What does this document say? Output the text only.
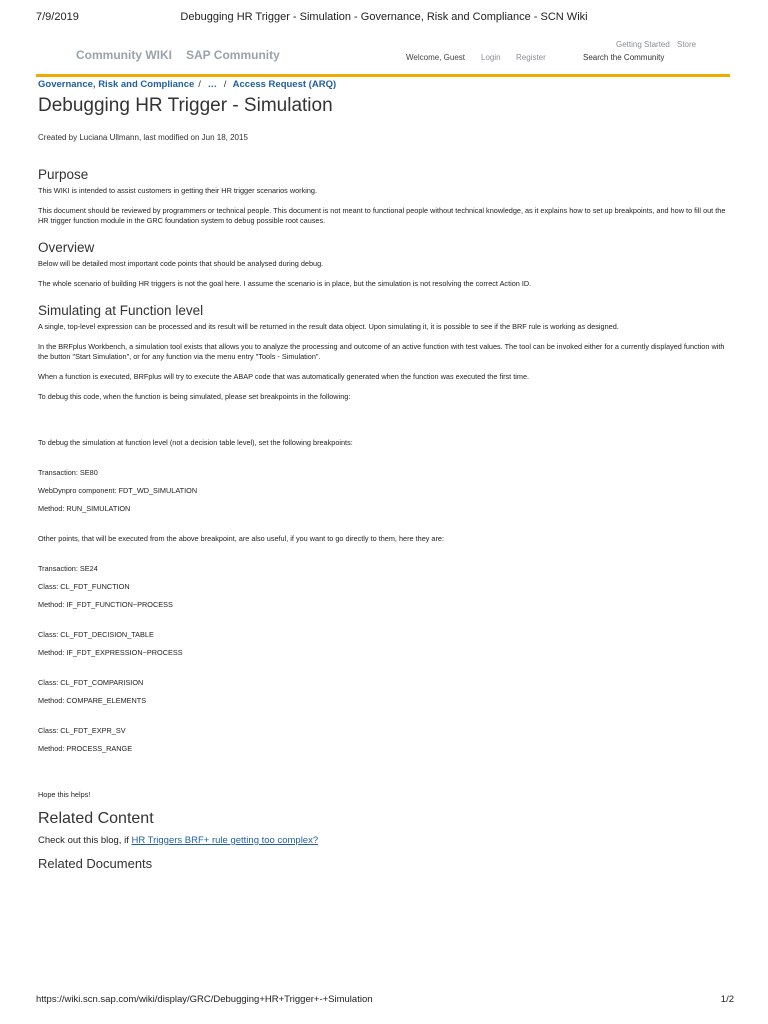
7/9/2019	Debugging HR Trigger - Simulation - Governance, Risk and Compliance - SCN Wiki
Community WIKI SAP Community
Getting Started Store
Welcome, Guest Login Register	Search the Community
Governance, Risk and Compliance / … / Access Request (ARQ)
Debugging HR Trigger - Simulation
Created by Luciana Ullmann, last modified on Jun 18, 2015
Purpose

This WIKI is intended to assist customers in getting their HR trigger scenarios working.

This document should be reviewed by programmers or technical people. This document is not meant to functional people without technical knowledge, as it explains how to set up breakpoints, and how to fill out the HR trigger function module in the GRC foundation system to debug possible root causes.

Overview

Below will be detailed most important code points that should be analysed during debug.

The whole scenario of building HR triggers is not the goal here. I assume the scenario is in place, but the simulation is not resolving the correct Action ID.

Simulating at Function level

A single, top-level expression can be processed and its result will be returned in the result data object. Upon simulating it, it is possible to see if the BRF rule is working as designed.

In the BRFplus Workbench, a simulation tool exists that allows you to analyze the processing and outcome of an active function with test values. The tool can be invoked either for a currently displayed function with the button "Start Simulation", or for any function via the menu entry "Tools - Simulation".

When a function is executed, BRFplus will try to execute the ABAP code that was automatically generated when the function was executed the first time.

To debug this code, when the function is being simulated, please set breakpoints in the following:

To debug the simulation at function level (not a decision table level), set the following breakpoints:

Transaction: SE80

WebDynpro component: FDT_WD_SIMULATION

Method: RUN_SIMULATION

Other points, that will be executed from the above breakpoint, are also useful, if you want to go directly to them, here they are:

Transaction: SE24

Class: CL_FDT_FUNCTION

Method: IF_FDT_FUNCTION~PROCESS

Class: CL_FDT_DECISION_TABLE

Method: IF_FDT_EXPRESSION~PROCESS

Class: CL_FDT_COMPARISION

Method: COMPARE_ELEMENTS

Class: CL_FDT_EXPR_SV

Method: PROCESS_RANGE

Hope this helps!

Related Content

Check out this blog, if HR Triggers BRF+ rule getting too complex?

Related Documents
https://wiki.scn.sap.com/wiki/display/GRC/Debugging+HR+Trigger+-+Simulation	1/2
